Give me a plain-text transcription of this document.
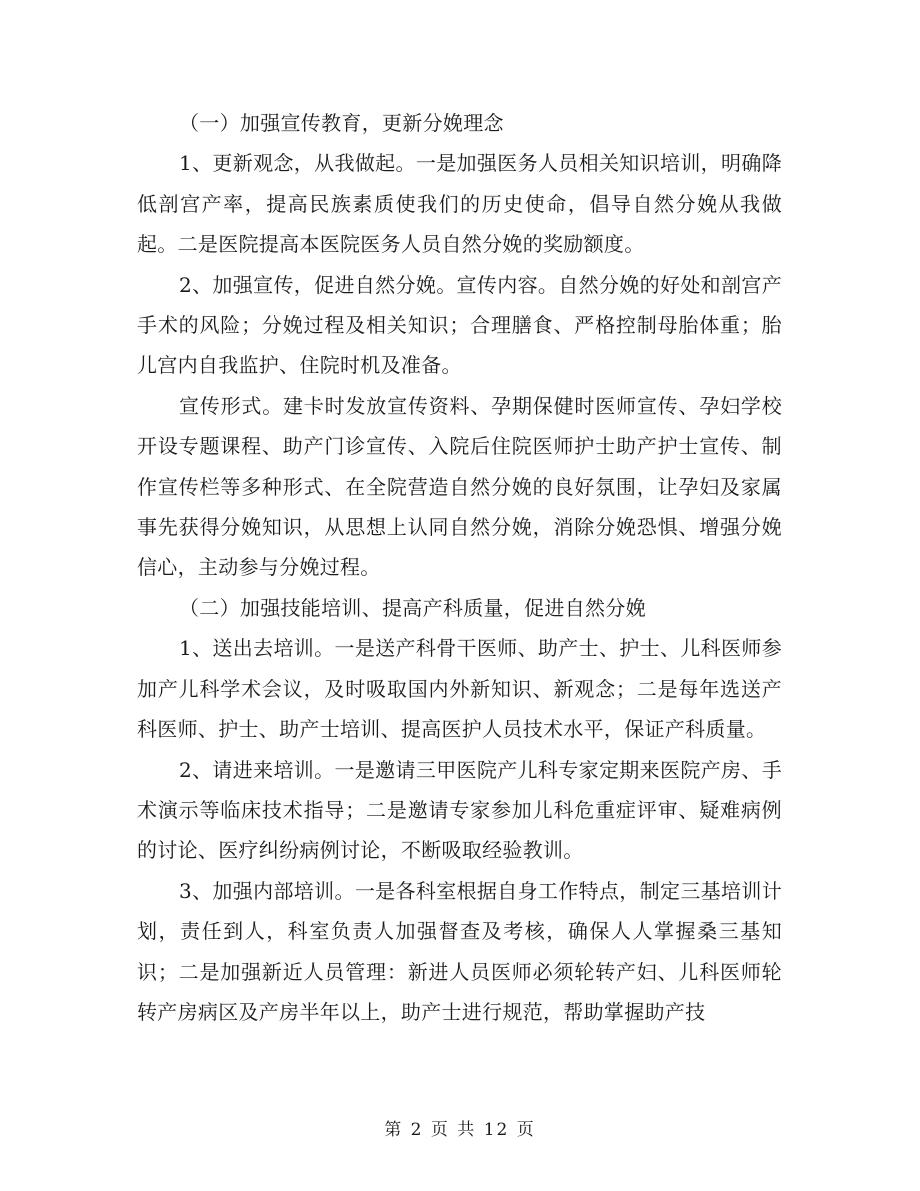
（一）加强宣传教育，更新分娩理念

1、更新观念，从我做起。一是加强医务人员相关知识培训，明确降低剖宫产率，提高民族素质使我们的历史使命，倡导自然分娩从我做起。二是医院提高本医院医务人员自然分娩的奖励额度。

2、加强宣传，促进自然分娩。宣传内容。自然分娩的好处和剖宫产手术的风险；分娩过程及相关知识；合理膳食、严格控制母胎体重；胎儿宫内自我监护、住院时机及准备。

宣传形式。建卡时发放宣传资料、孕期保健时医师宣传、孕妇学校开设专题课程、助产门诊宣传、入院后住院医师护士助产护士宣传、制作宣传栏等多种形式、在全院营造自然分娩的良好氛围，让孕妇及家属事先获得分娩知识，从思想上认同自然分娩，消除分娩恐惧、增强分娩信心，主动参与分娩过程。

（二）加强技能培训、提高产科质量，促进自然分娩

1、送出去培训。一是送产科骨干医师、助产士、护士、儿科医师参加产儿科学术会议，及时吸取国内外新知识、新观念；二是每年选送产科医师、护士、助产士培训、提高医护人员技术水平，保证产科质量。

2、请进来培训。一是邀请三甲医院产儿科专家定期来医院产房、手术演示等临床技术指导；二是邀请专家参加儿科危重症评审、疑难病例的讨论、医疗纠纷病例讨论，不断吸取经验教训。

3、加强内部培训。一是各科室根据自身工作特点，制定三基培训计划，责任到人，科室负责人加强督查及考核，确保人人掌握桑三基知识；二是加强新近人员管理：新进人员医师必须轮转产妇、儿科医师轮转产房病区及产房半年以上，助产士进行规范，帮助掌握助产技

第 2 页 共 12 页
